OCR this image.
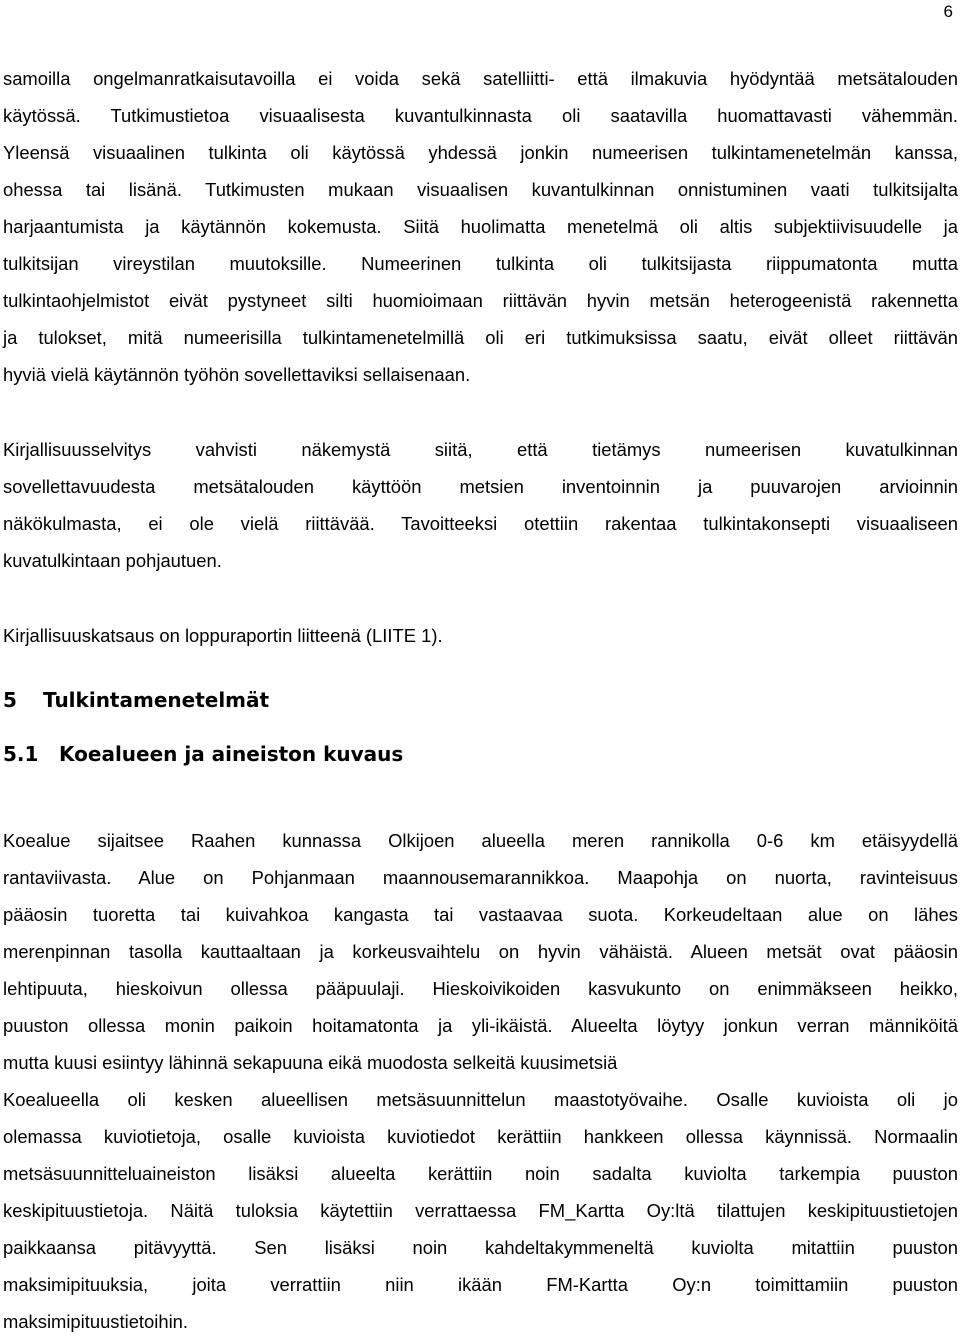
6
samoilla ongelmanratkaisutavoilla ei voida sekä satelliitti- että ilmakuvia hyödyntää metsätalouden
käytössä. Tutkimustietoa visuaalisesta kuvantulkinnasta oli saatavilla huomattavasti vähemmän.
Yleensä visuaalinen tulkinta oli käytössä yhdessä jonkin numeerisen tulkintamenetelmän kanssa,
ohessa tai lisänä. Tutkimusten mukaan visuaalisen kuvantulkinnan onnistuminen vaati tulkitsijalta
harjaantumista ja käytännön kokemusta. Siitä huolimatta menetelmä oli altis subjektiivisuudelle ja
tulkitsijan vireystilan muutoksille. Numeerinen tulkinta oli tulkitsijasta riippumatonta mutta
tulkintaohjelmistot eivät pystyneet silti huomioimaan riittävän hyvin metsän heterogeenistä rakennetta
ja tulokset, mitä numeerisilla tulkintamenetelmillä oli eri tutkimuksissa saatu, eivät olleet riittävän
hyviä vielä käytännön työhön sovellettaviksi sellaisenaan.
Kirjallisuusselvitys vahvisti näkemystä siitä, että tietämys numeerisen kuvatulkinnan
sovellettavuudesta metsätalouden käyttöön metsien inventoinnin ja puuvarojen arvioinnin
näkökulmasta, ei ole vielä riittävää. Tavoitteeksi otettiin rakentaa tulkintakonsepti visuaaliseen
kuvatulkintaan pohjautuen.
Kirjallisuuskatsaus on loppuraportin liitteenä (LIITE 1).
5 Tulkintamenetelmät
5.1 Koealueen ja aineiston kuvaus
Koealue sijaitsee Raahen kunnassa Olkijoen alueella meren rannikolla 0-6 km etäisyydellä
rantaviivasta. Alue on Pohjanmaan maannousemarannikkoa. Maapohja on nuorta, ravinteisuus
pääosin tuoretta tai kuivahkoa kangasta tai vastaavaa suota. Korkeudeltaan alue on lähes
merenpinnan tasolla kauttaaltaan ja korkeusvaihtelu on hyvin vähäistä. Alueen metsät ovat pääosin
lehtipuuta, hieskoivun ollessa pääpuulaji. Hieskoivikoiden kasvukunto on enimmäkseen heikko,
puuston ollessa monin paikoin hoitamatonta ja yli-ikäistä. Alueelta löytyy jonkun verran männiköitä
mutta kuusi esiintyy lähinnä sekapuuna eikä muodosta selkeitä kuusimetsiä
Koealueella oli kesken alueellisen metsäsuunnittelun maastotyövaihe. Osalle kuvioista oli jo
olemassa kuviotietoja, osalle kuvioista kuviotiedot kerättiin hankkeen ollessa käynnissä. Normaalin
metsäsuunnitteluaineiston lisäksi alueelta kerättiin noin sadalta kuviolta tarkempia puuston
keskipituustietoja. Näitä tuloksia käytettiin verrattaessa FM_Kartta Oy:ltä tilattujen keskipituustietojen
paikkaansa pitävyyttä. Sen lisäksi noin kahdeltakymmeneltä kuviolta mitattiin puuston
maksimipituuksia, joita verrattiin niin ikään FM-Kartta Oy:n toimittamiin puuston
maksimipituustietoihin.
